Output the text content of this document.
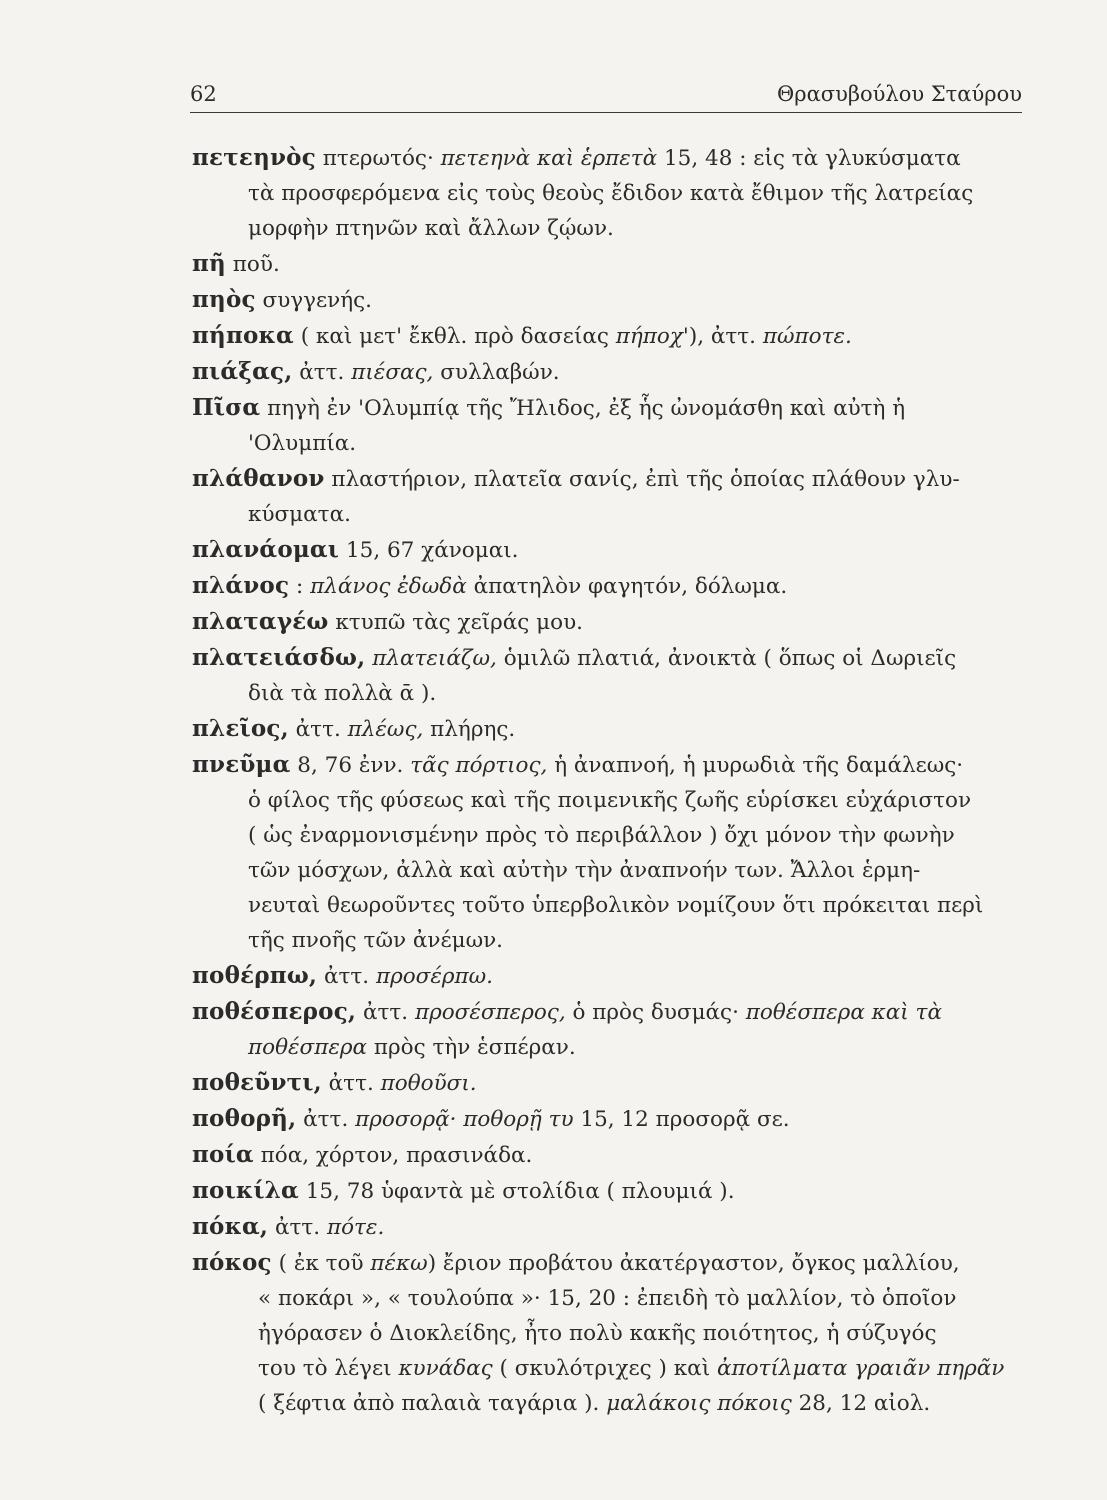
62	Θρασυβούλου Σταύρου

πετεηνὸς πτερωτός· πετεηνὰ καὶ ἑρπετὰ 15, 48 : εἰς τὰ γλυκύσματα
τὰ προσφερόμενα εἰς τοὺς θεοὺς ἔδιδον κατὰ ἔθιμον τῆς λατρείας
μορφὴν πτηνῶν καὶ ἄλλων ζῴων.

πῆ ποῦ.

πηὸς συγγενής.

πήποκα ( καὶ μετ' ἔκθλ. πρὸ δασείας πήποχ'), ἀττ. πώποτε.

πιάξας, ἀττ. πιέσας, συλλαβών.

Πῖσα πηγὴ ἐν 'Ολυμπίᾳ τῆς Ἤλιδος, ἐξ ἧς ὠνομάσθη καὶ αὐτὴ ἡ
'Ολυμπία.

πλάθανον πλαστήριον, πλατεῖα σανίς, ἐπὶ τῆς ὁποίας πλάθουν γλυ-
κύσματα.

πλανάομαι 15, 67 χάνομαι.

πλάνος : πλάνος ἐδωδὰ ἀπατηλὸν φαγητόν, δόλωμα.

πλαταγέω κτυπῶ τὰς χεῖράς μου.

πλατειάσδω, πλατειάζω, ὁμιλῶ πλατιά, ἀνοικτὰ ( ὅπως οἱ Δωριεῖς
διὰ τὰ πολλὰ ᾱ ).

πλεῖος, ἀττ. πλέως, πλήρης.

πνεῦμα 8, 76 ἐνν. τᾶς πόρτιος, ἡ ἀναπνοή, ἡ μυρωδιὰ τῆς δαμάλεως·
ὁ φίλος τῆς φύσεως καὶ τῆς ποιμενικῆς ζωῆς εὑρίσκει εὐχάριστον
( ὡς ἐναρμονισμένην πρὸς τὸ περιβάλλον ) ὄχι μόνον τὴν φωνὴν
τῶν μόσχων, ἀλλὰ καὶ αὐτὴν τὴν ἀναπνοήν των. Ἄλλοι ἑρμη-
νευταὶ θεωροῦντες τοῦτο ὑπερβολικὸν νομίζουν ὅτι πρόκειται περὶ
τῆς πνοῆς τῶν ἀνέμων.

ποθέρπω, ἀττ. προσέρπω.

ποθέσπερος, ἀττ. προσέσπερος, ὁ πρὸς δυσμάς· ποθέσπερα καὶ τὰ
ποθέσπερα πρὸς τὴν ἑσπέραν.

ποθεῦντι, ἀττ. ποθοῦσι.

ποθορῆ, ἀττ. προσορᾷ· ποθορῇ τυ 15, 12 προσορᾷ σε.

ποία πόα, χόρτον, πρασινάδα.

ποικίλα 15, 78 ὑφαντὰ μὲ στολίδια ( πλουμιά ).

πόκα, ἀττ. πότε.

πόκος ( ἐκ τοῦ πέκω) ἔριον προβάτου ἀκατέργαστον, ὄγκος μαλλίου,
« ποκάρι », « τουλούπα »· 15, 20 : ἐπειδὴ τὸ μαλλίον, τὸ ὁποῖον
ἠγόρασεν ὁ Διοκλείδης, ἦτο πολὺ κακῆς ποιότητος, ἡ σύζυγός
του τὸ λέγει κυνάδας ( σκυλότριχες ) καὶ ἀποτίλματα γραιᾶν πηρᾶν
( ξέφτια ἀπὸ παλαιὰ ταγάρια ). μαλάκοις πόκοις 28, 12 αἰολ.
